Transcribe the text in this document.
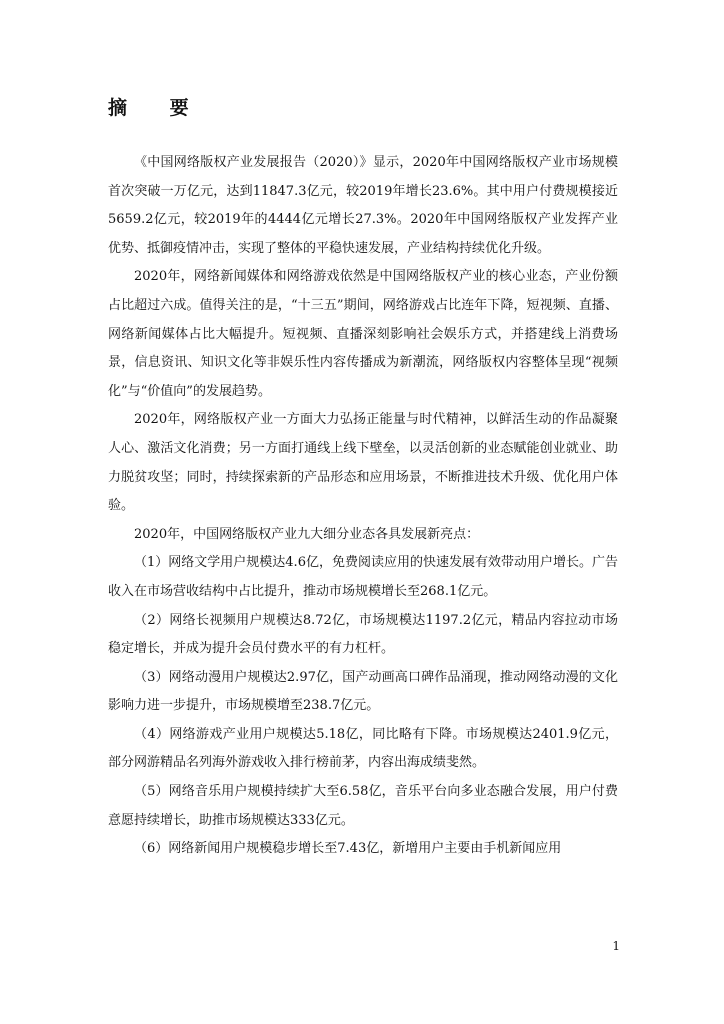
摘 要

《中国网络版权产业发展报告（2020）》显示，2020年中国网络版权产业市场规模首次突破一万亿元，达到11847.3亿元，较2019年增长23.6%。其中用户付费规模接近5659.2亿元，较2019年的4444亿元增长27.3%。2020年中国网络版权产业发挥产业优势、抵御疫情冲击，实现了整体的平稳快速发展，产业结构持续优化升级。

2020年，网络新闻媒体和网络游戏依然是中国网络版权产业的核心业态，产业份额占比超过六成。值得关注的是，“十三五”期间，网络游戏占比连年下降，短视频、直播、网络新闻媒体占比大幅提升。短视频、直播深刻影响社会娱乐方式，并搭建线上消费场景，信息资讯、知识文化等非娱乐性内容传播成为新潮流，网络版权内容整体呈现“视频化”与“价值向”的发展趋势。

2020年，网络版权产业一方面大力弘扬正能量与时代精神，以鲜活生动的作品凝聚人心、激活文化消费；另一方面打通线上线下壁垒，以灵活创新的业态赋能创业就业、助力脱贫攻坚；同时，持续探索新的产品形态和应用场景，不断推进技术升级、优化用户体验。

2020年，中国网络版权产业九大细分业态各具发展新亮点：

（1）网络文学用户规模达4.6亿，免费阅读应用的快速发展有效带动用户增长。广告收入在市场营收结构中占比提升，推动市场规模增长至268.1亿元。

（2）网络长视频用户规模达8.72亿，市场规模达1197.2亿元，精品内容拉动市场稳定增长，并成为提升会员付费水平的有力杠杆。

（3）网络动漫用户规模达2.97亿，国产动画高口碑作品涌现，推动网络动漫的文化影响力进一步提升，市场规模增至238.7亿元。

（4）网络游戏产业用户规模达5.18亿，同比略有下降。市场规模达2401.9亿元，部分网游精品名列海外游戏收入排行榜前茅，内容出海成绩斐然。

（5）网络音乐用户规模持续扩大至6.58亿，音乐平台向多业态融合发展，用户付费意愿持续增长，助推市场规模达333亿元。

（6）网络新闻用户规模稳步增长至7.43亿，新增用户主要由手机新闻应用

1
